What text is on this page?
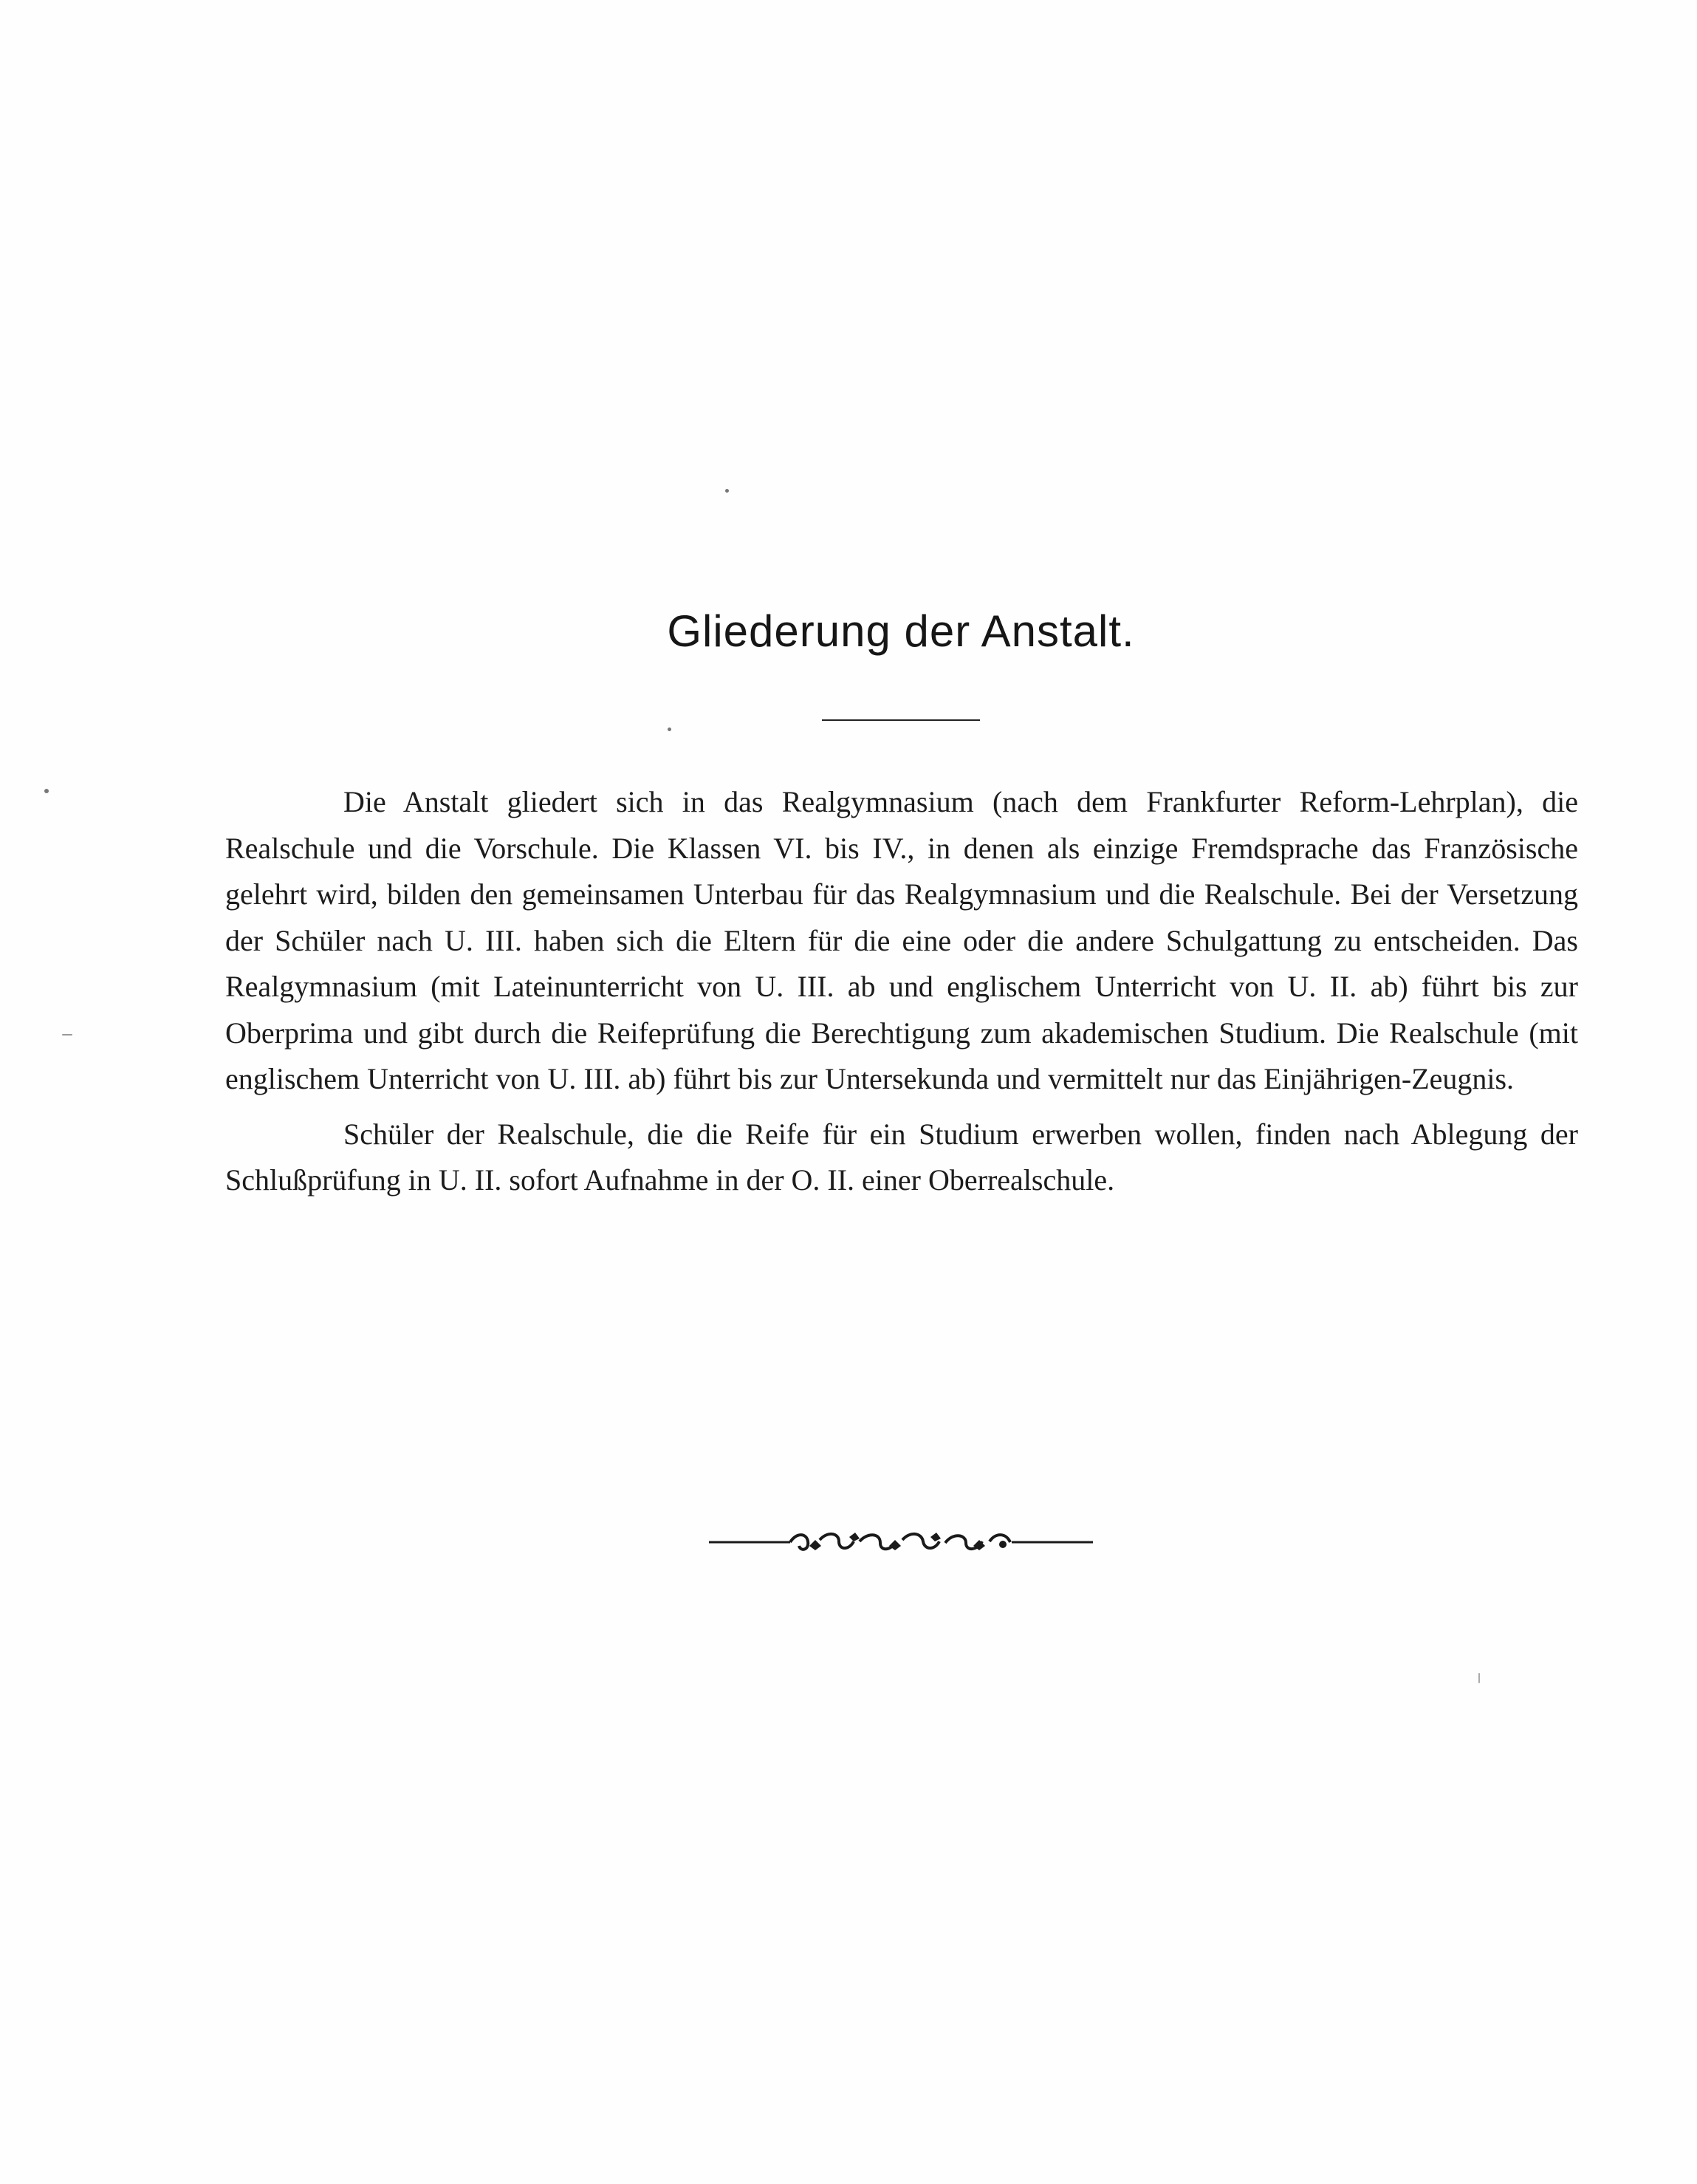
Gliederung der Anstalt.

Die Anstalt gliedert sich in das Realgymnasium (nach dem Frankfurter Reform-Lehrplan), die Realschule und die Vorschule. Die Klassen VI. bis IV., in denen als einzige Fremdsprache das Französische gelehrt wird, bilden den gemeinsamen Unterbau für das Realgymnasium und die Realschule. Bei der Versetzung der Schüler nach U. III. haben sich die Eltern für die eine oder die andere Schulgattung zu entscheiden. Das Realgymnasium (mit Lateinunterricht von U. III. ab und englischem Unterricht von U. II. ab) führt bis zur Oberprima und gibt durch die Reifeprüfung die Berechtigung zum akademischen Studium. Die Realschule (mit englischem Unterricht von U. III. ab) führt bis zur Untersekunda und vermittelt nur das Einjährigen-Zeugnis.

Schüler der Realschule, die die Reife für ein Studium erwerben wollen, finden nach Ablegung der Schlußprüfung in U. II. sofort Aufnahme in der O. II. einer Oberrealschule.
